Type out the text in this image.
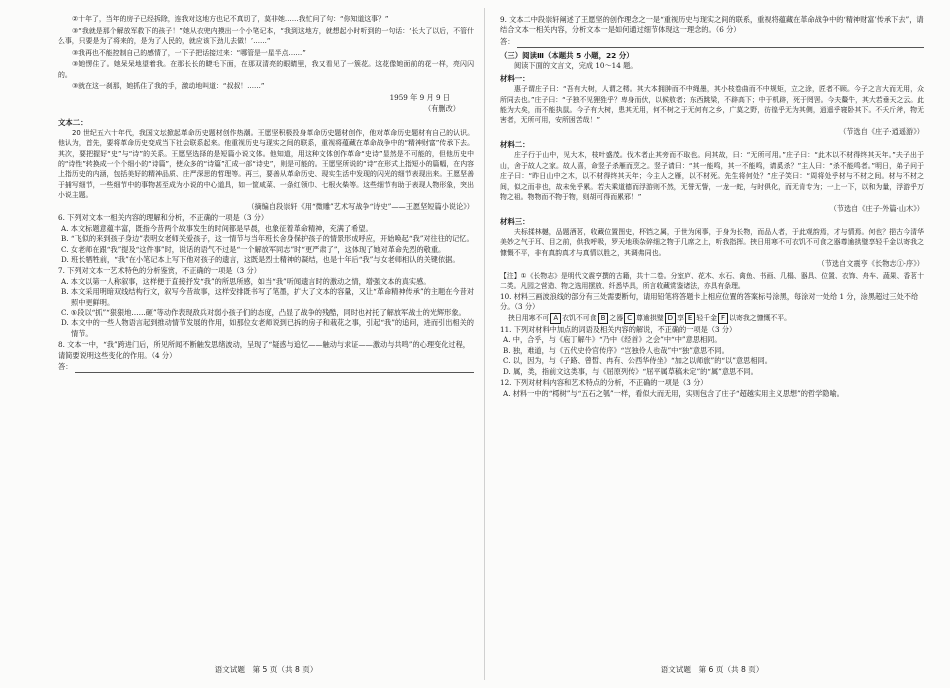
②十年了，当年的房子已经拆除，连我对这地方也记不真切了，莫非她……我忙问了句：“你知道这事？”

③“我就是那个解放军救下的孩子！”她从衣兜内摸出一个小笔记本，“我到这地方，就想起小时听到的一句话：‘长大了以后，不管什么事，只要是为了将来的，是为了人民的，就应该下劲儿去做！’……”

③我再也不能控制自己的感情了，一下子把话接过来：“哪管是一星半点……”

③她愣住了。她呆呆地望着我。在那长长的睫毛下面，在那双清亮的眼睛里，我又看见了一簇花。这花像她面前的花一样，亮闪闪的。

③就在这一刹那，她抓住了我的手，激动地叫道：“叔叔！……”

1959 年 9 月 9 日

（有删改）

文本二：

20 世纪五六十年代，我国文坛掀起革命历史题材创作热潮。王愿坚积极投身革命历史题材创作，他对革命历史题材有自己的认识。他认为，首先，要将革命历史变成当下社会联系起来。他重视历史与现实之间的联系，重视将蕴藏在革命战争中的“精神财富”传承下去。其次，要把握好“史”与“诗”的关系。王愿坚选择的是短篇小说文体。他知道，用这种文体创作革命“史诗”显然是不可能的，但他历史中的“诗性”转换成一个个细小的“诗篇”，使众多的“诗篇”汇成一部“诗史”，则是可能的。王愿坚所说的“诗”在形式上指短小的篇幅，在内容上指历史的内涵，包括美好的精神品质、庄严深思的哲理等。再三，要善从革命历史、现实生活中发现的闪光的细节表现出来。王愿坚善于捕写细节，一些细节中的事物甚至成为小说的中心道具，如一筐咸菜、一条红领巾、七根火柴等。这些细节有助于表现人物形象，突出小说主题。

（摘编自段崇轩《用“微雕”艺术写战争“诗史”——王愿坚短篇小说论》）

6. 下列对文本一相关内容的理解和分析，不正确的一项是（3 分）

A. 本文标题意蕴丰富，既指今昔两个故事发生的时间都是早晨，也象征着革命精神，充满了希望。

B. “飞似的来到孩子身边”表明女老师关爱孩子，这一情节与当年班长舍身保护孩子的情景形成呼应，开始唤起“我”对往往的记忆。

C. 女老师在跟“我”提及“这件事”时，说话的语气不过是“一个解放军同志”时“更严肃了”，这体现了她对革命先烈的敬重。

D. 班长牺牲前，“我”在小笔记本上写下他对孩子的遗言，这既是烈士精神的凝结，也是十年后“我”与女老师相认的关键依据。

7. 下列对文本一艺术特色的分析鉴赏，不正确的一项是（3 分）

A. 本文以第一人称叙事，这样便于直接抒发“我”的所思所感，如当“我”听闻遗言时的激动之情，增强文本的真实感。

B. 本文采用明暗双线结构行文，叙写今昔故事，这样安排既书写了笔墨，扩大了文本的容量，又让“革命精神传承”的主题在今昔对照中更鲜明。

C. ⑤段以“抓”“狠狠地……砸”等动作表现敌兵对弱小孩子们的态度，凸显了战争的残酷，同时也衬托了解放军战士的光辉形象。

D. 本文中的一些人物语言起到推动情节发展的作用，如那位女老师说到已拆的房子和栽花之事，引起“我”的追问，进而引出相关的情节。

8. 文本一中，“我”跨进门后，所见所闻不断触发思绪波动，呈现了“疑惑与追忆——触动与求证——激动与共鸣”的心理变化过程，请简要说明这些变化的作用。（4 分）

答：
语文试题　第 5 页（共 8 页）

9. 文本二中段崇轩阐述了王愿坚的创作理念之一是“重视历史与现实之间的联系，重视将蕴藏在革命战争中的‘精神财富’传承下去”，请结合文本一相关内容，分析文本一是如何通过细节体现这一理念的。（6 分）

答：

（三）阅读Ⅲ（本题共 5 小题，22 分）

阅读下面的文言文，完成 10～14 题。

材料一：

惠子谓庄子曰：“吾有大树，人谓之樗。其大本拥肿而不中绳墨，其小枝卷曲而不中规矩，立之涂，匠者不顾。今子之言大而无用，众所同去也。”庄子曰：“子独不见狸狌乎？卑身而伏，以候敖者；东西跳梁，不辟高下；中于机辟，死于罔罟。今夫斄牛，其大若垂天之云。此能为大矣，而不能执鼠。今子有大树，患其无用，何不树之于无何有之乡，广莫之野，彷徨乎无为其侧，逍遥乎寝卧其下。不夭斤斧，物无害者，无所可用，安所困苦哉！”

（节选自《庄子·逍遥游》）

材料二：

庄子行于山中，见大木，枝叶盛茂。伐木者止其旁而不取也。问其故，曰：“无所可用。”庄子曰：“此木以不材得终其天年。”夫子出于山，舍于故人之家。故人喜，命竖子杀雁而烹之。竖子请曰：“其一能鸣，其一不能鸣，请奚杀？”主人曰：“杀不能鸣者。”明日，弟子问于庄子曰：“昨日山中之木，以不材得终其天年；今主人之雁，以不材死。先生将何处？”庄子笑曰：“周将处乎材与不材之间。材与不材之间，似之而非也，故未免乎累。若夫乘道德而浮游则不然，无誉无訾，一龙一蛇，与时俱化，而无肯专为；一上一下，以和为量，浮游乎万物之祖。物物而不物于物，则胡可得而累邪！”

（节选自《庄子·外篇·山木》）

材料三：

夫标揉林樾，品题酒茗，收藏位置图史，杯铛之属，于世为闲事，于身为长物，而品人者，于此观韵焉，才与情焉。何也？挹古今清华美妙之气于耳、目之前，供我呼吸，罗天地琐杂碎细之物于几席之上，听我指挥。挟日用寒不可衣饥不可食之器尊逾拱璧享轻千金以寄我之慷慨不平，非有真韵真才与真情以胜之，其调弗同也。

（节选自文震亨《长物志①·序》）

【注】①《长物志》是明代文震亨撰的古籍，共十二卷。分室庐、花木、水石、禽鱼、书画、几榻、器具、位置、衣饰、舟车、蔬果、香茗十二类。凡园之营造、物之选用摆放、纤悉毕具，所言收藏赏鉴诸法，亦具有条理。

10. 材料三画波浪线的部分有三处需要断句，请用铅笔将答题卡上相应位置的答案标号涂黑，每涂对一处给 1 分，涂黑超过三处不给分。（3 分）

挟日用寒不可 A 衣饥不可食 B 之器 C 尊逾拱璧 D 享 E 轻千金 F 以寄我之慷慨不平。

11. 下列对材料中加点的词语及相关内容的解说，不正确的一项是（3 分）

A. 中，合乎，与《庖丁解牛》“乃中《经首》之会”中“中”意思相同。

B. 独，难道，与《五代史伶官传序》“岂独伶人也哉”中“独”意思不同。

C. 以，因为，与《子路、曾皙、冉有、公西华侍坐》“加之以师旅”的“以”意思相同。

D. 属，类，指前文这类事，与《屈原列传》“屈平属草稿未定”的“属”意思不同。

12. 下列对材料内容和艺术特点的分析，不正确的一项是（3 分）

A. 材料一中的“樗树”与“五石之瓠”一样，看似大而无用，实则包含了庄子“超越实用主义思想”的哲学隐喻。

语文试题　第 6 页（共 8 页）
